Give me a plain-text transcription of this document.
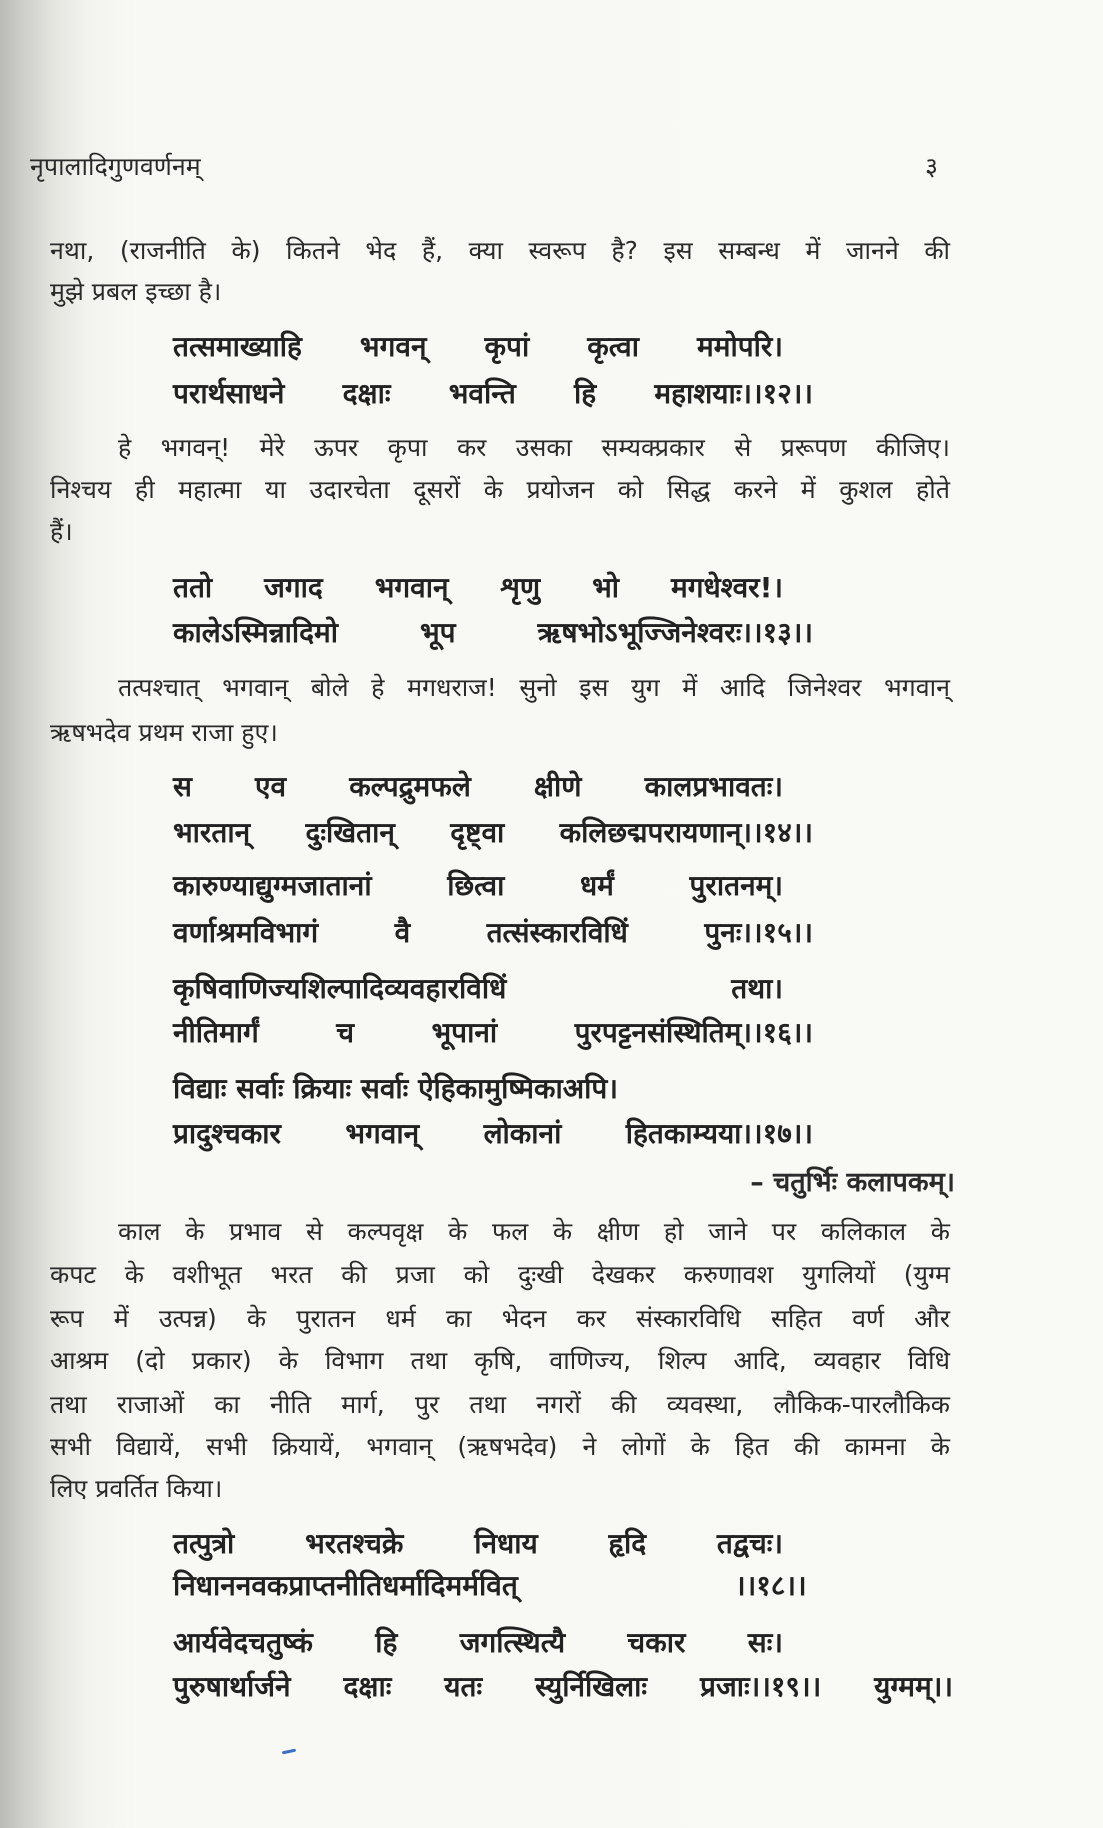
नृपालादिगुणवर्णनम्	३
नथा, (राजनीति के) कितने भेद हैं, क्या स्वरूप है? इस सम्बन्ध में जानने की
मुझे प्रबल इच्छा है।
तत्समाख्याहि भगवन् कृपां कृत्वा ममोपरि।
परार्थसाधने दक्षाः भवन्ति हि महाशयाः।।१२।।
हे भगवन्! मेरे ऊपर कृपा कर उसका सम्यक्प्रकार से प्ररूपण कीजिए।
निश्चय ही महात्मा या उदारचेता दूसरों के प्रयोजन को सिद्ध करने में कुशल होते
हैं।
ततो जगाद भगवान् शृणु भो मगधेश्वर!।
कालेऽस्मिन्नादिमो भूप ऋषभोऽभूज्जिनेश्वरः।।१३।।
तत्पश्चात् भगवान् बोले हे मगधराज! सुनो इस युग में आदि जिनेश्वर भगवान्
ऋषभदेव प्रथम राजा हुए।
स एव कल्पद्रुमफले क्षीणे कालप्रभावतः।
भारतान् दुःखितान् दृष्ट्वा कलिछद्मपरायणान्।।१४।।
कारुण्याद्युग्मजातानां छित्वा धर्मं पुरातनम्।
वर्णाश्रमविभागं वै तत्संस्कारविधिं पुनः।।१५।।
कृषिवाणिज्यशिल्पादिव्यवहारविधिं तथा।
नीतिमार्गं च भूपानां पुरपट्टनसंस्थितिम्।।१६।।
विद्याः सर्वाः क्रियाः सर्वाः ऐहिकामुष्मिकाअपि।
प्रादुश्चकार भगवान् लोकानां हितकाम्यया।।१७।।
– चतुर्भिः कलापकम्।
काल के प्रभाव से कल्पवृक्ष के फल के क्षीण हो जाने पर कलिकाल के
कपट के वशीभूत भरत की प्रजा को दुःखी देखकर करुणावश युगलियों (युग्म
रूप में उत्पन्न) के पुरातन धर्म का भेदन कर संस्कारविधि सहित वर्ण और
आश्रम (दो प्रकार) के विभाग तथा कृषि, वाणिज्य, शिल्प आदि, व्यवहार विधि
तथा राजाओं का नीति मार्ग, पुर तथा नगरों की व्यवस्था, लौकिक-पारलौकिक
सभी विद्यायें, सभी क्रियायें, भगवान् (ऋषभदेव) ने लोगों के हित की कामना के
लिए प्रवर्तित किया।
तत्पुत्रो भरतश्चक्रे निधाय हृदि तद्वचः।
निधाननवकप्राप्तनीतिधर्मादिमर्मवित्	।।१८।।
आर्यवेदचतुष्कं हि जगत्स्थित्यै चकार सः।
पुरुषार्थार्जने दक्षाः यतः स्युर्निखिलाः प्रजाः।।१९।। युग्मम्।।
